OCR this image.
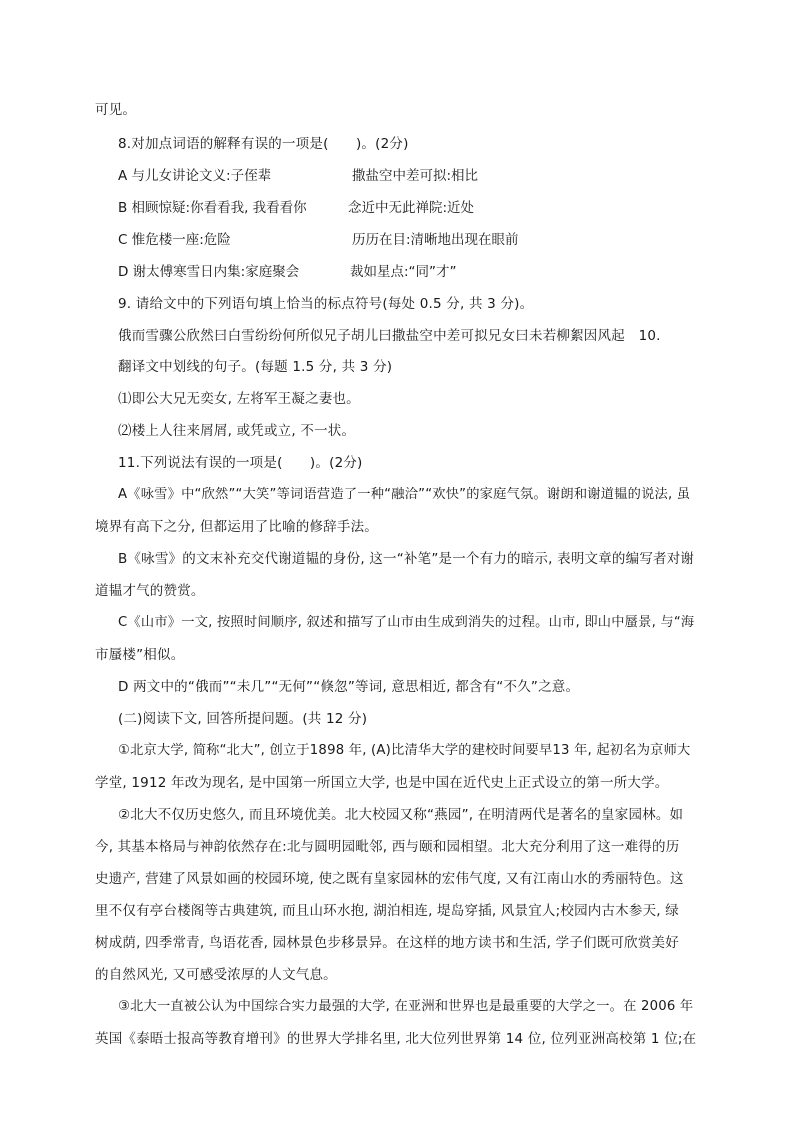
可见。

8.对加点词语的解释有误的一项是(　　)。(2分)

A 与儿女讲论文义:子侄辈	撒盐空中差可拟:相比
B 相顾惊疑:你看看我, 我看看你	念近中无此禅院:近处
C 惟危楼一座:危险	历历在目:清晰地出现在眼前
D 谢太傅寒雪日内集:家庭聚会	裁如星点:“同”才”

9. 请给文中的下列语句填上恰当的标点符号(每处 0.5 分, 共 3 分)。

俄而雪骤公欣然曰白雪纷纷何所似兄子胡儿曰撒盐空中差可拟兄女曰未若柳絮因风起　10.

翻译文中划线的句子。(每题 1.5 分, 共 3 分)

⑴即公大兄无奕女, 左将军王凝之妻也。

⑵楼上人往来屑屑, 或凭或立, 不一状。

11.下列说法有误的一项是(　　)。(2分)

A《咏雪》中“欣然”“大笑”等词语营造了一种“融洽”“欢快”的家庭气氛。谢朗和谢道韫的说法, 虽

境界有高下之分, 但都运用了比喻的修辞手法。

B《咏雪》的文末补充交代谢道韫的身份, 这一“补笔”是一个有力的暗示, 表明文章的编写者对谢

道韫才气的赞赏。

C《山市》一文, 按照时间顺序, 叙述和描写了山市由生成到消失的过程。山市, 即山中蜃景, 与“海

市蜃楼”相似。

D 两文中的“俄而”“未几”“无何”“倏忽”等词, 意思相近, 都含有“不久”之意。

(二)阅读下文, 回答所提问题。(共 12 分)

①北京大学, 简称“北大”, 创立于1898 年, (A)比清华大学的建校时间要早13 年, 起初名为京师大

学堂, 1912 年改为现名, 是中国第一所国立大学, 也是中国在近代史上正式设立的第一所大学。

②北大不仅历史悠久, 而且环境优美。北大校园又称“燕园”, 在明清两代是著名的皇家园林。如

今, 其基本格局与神韵依然存在:北与圆明园毗邻, 西与颐和园相望。北大充分利用了这一难得的历

史遗产, 营建了风景如画的校园环境, 使之既有皇家园林的宏伟气度, 又有江南山水的秀丽特色。这

里不仅有亭台楼阁等古典建筑, 而且山环水抱, 湖泊相连, 堤岛穿插, 风景宜人;校园内古木参天, 绿

树成荫, 四季常青, 鸟语花香, 园林景色步移景异。在这样的地方读书和生活, 学子们既可欣赏美好

的自然风光, 又可感受浓厚的人文气息。

③北大一直被公认为中国综合实力最强的大学, 在亚洲和世界也是最重要的大学之一。在 2006 年

英国《泰晤士报高等教育增刊》的世界大学排名里, 北大位列世界第 14 位, 位列亚洲高校第 1 位;在
